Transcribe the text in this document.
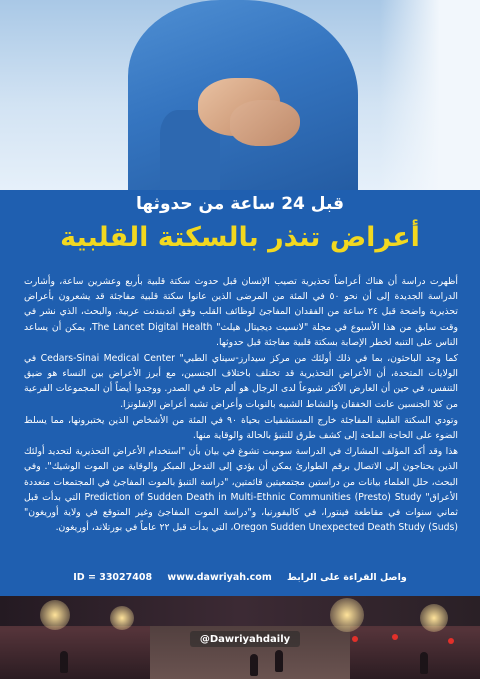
قبل 24 ساعة من حدوثها
أعراض تنذر بالسكتة القلبية

أظهرت دراسة أن هناك أعراضاً تحذيرية تصيب الإنسان قبل حدوث سكتة قلبية بأربع وعشرين ساعة، وأشارت الدراسة الجديدة إلى أن نحو ٥٠ في المئة من المرضى الذين عانوا سكتة قلبية مفاجئة قد يشعرون بأعراض تحذيرية واضحة قبل ٢٤ ساعة من الفقدان المفاجئ لوظائف القلب وفق اندبندنت عربية. والبحث، الذي نشر في وقت سابق من هذا الأسبوع في مجلة "لانسيت ديجيتال هيلث" The Lancet Digital Health، يمكن أن يساعد الناس على التنبه لخطر الإصابة بسكتة قلبية مفاجئة قبل حدوثها.

كما وجد الباحثون، بما في ذلك أولئك من مركز سيدارز-سيناي الطبي" Cedars-Sinai Medical Center في الولايات المتحدة، أن الأعراض التحذيرية قد تختلف باختلاف الجنسين، مع أبرز الأعراض بين النساء هو ضيق التنفس، في حين أن العارض الأكثر شيوعاً لدى الرجال هو ألم حاد في الصدر. ووجدوا أيضاً أن المجموعات الفرعية من كلا الجنسين عانت الخفقان والنشاط الشبيه بالنوبات وأعراض تشبه أعراض الإنفلونزا.

وتودي السكتة القلبية المفاجئة خارج المستشفيات بحياة ٩٠ في المئة من الأشخاص الذين يختبرونها، مما يسلط الضوء على الحاجة الملحة إلى كشف طرق للتنبؤ بالحالة والوقاية منها.

هذا وقد أكد المؤلف المشارك في الدراسة سوميت تشوغ في بيان بأن "استخدام الأعراض التحذيرية لتحديد أولئك الذين يحتاجون إلى الاتصال برقم الطوارئ يمكن أن يؤدي إلى التدخل المبكر والوقاية من الموت الوشيك". وفي البحث، حلل العلماء بيانات من دراستين مجتمعيتين قائمتين، "دراسة التنبؤ بالموت المفاجئ في المجتمعات متعددة الأعراق" Prediction of Sudden Death in Multi-Ethnic Communities (Presto) Study التي بدأت قبل ثماني سنوات في مقاطعة فينتورا، في كاليفورنيا، و"دراسة الموت المفاجئ وغير المتوقع في ولاية أوريغون" Oregon Sudden Unexpected Death Study (Suds)، التي بدأت قبل ٢٢ عاماً في بورتلاند، أوريغون.

واصل القراءة على الرابط ID = 33027408 www.dawriyah.com
@Dawriyahdaily
